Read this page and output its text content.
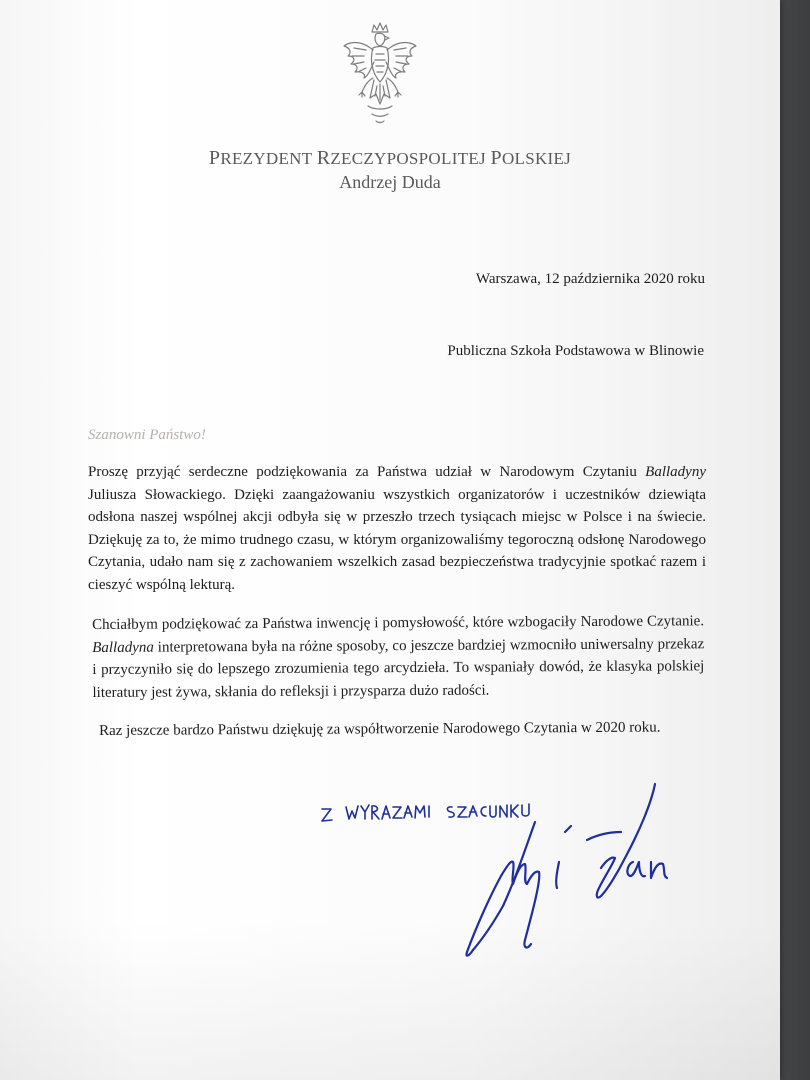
PREZYDENT RZECZYPOSPOLITEJ POLSKIEJ
Andrzej Duda
Warszawa, 12 października 2020 roku
Publiczna Szkoła Podstawowa w Blinowie
Szanowni Państwo!
Proszę przyjąć serdeczne podziękowania za Państwa udział w Narodowym Czytaniu Balladyny Juliusza Słowackiego. Dzięki zaangażowaniu wszystkich organizatorów i uczestników dziewiąta odsłona naszej wspólnej akcji odbyła się w przeszło trzech tysiącach miejsc w Polsce i na świecie. Dziękuję za to, że mimo trudnego czasu, w którym organizowaliśmy tegoroczną odsłonę Narodowego Czytania, udało nam się z zachowaniem wszelkich zasad bezpieczeństwa tradycyjnie spotkać razem i cieszyć wspólną lekturą.
Chciałbym podziękować za Państwa inwencję i pomysłowość, które wzbogaciły Narodowe Czytanie. Balladyna interpretowana była na różne sposoby, co jeszcze bardziej wzmocniło uniwersalny przekaz i przyczyniło się do lepszego zrozumienia tego arcydzieła. To wspaniały dowód, że klasyka polskiej literatury jest żywa, skłania do refleksji i przysparza dużo radości.
Raz jeszcze bardzo Państwu dziękuję za współtworzenie Narodowego Czytania w 2020 roku.
